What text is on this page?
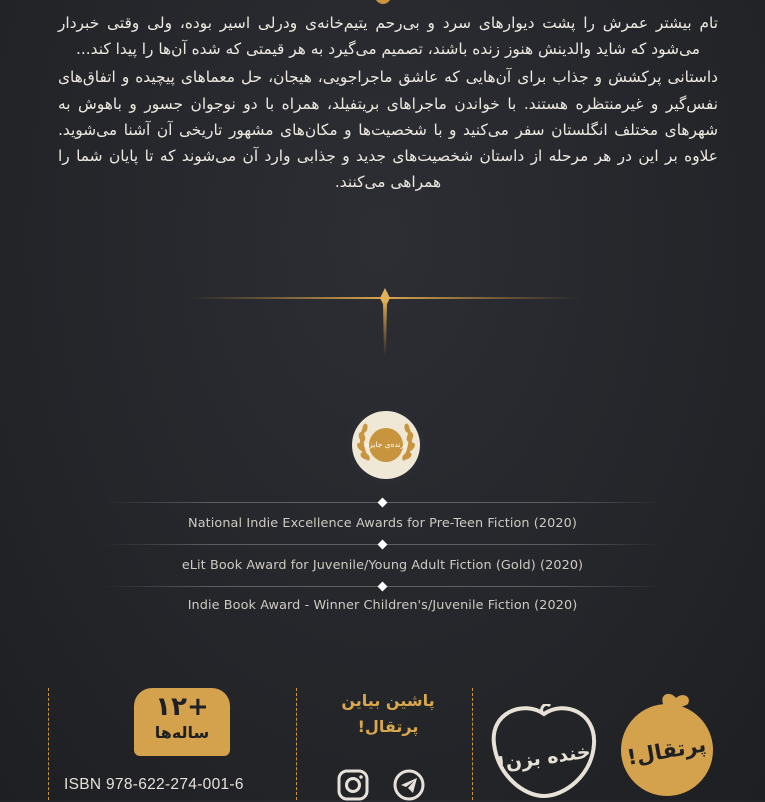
تام بیشتر عمرش را پشت دیوارهای سرد و بی‌رحم یتیم‌خانه‌ی ودرلی اسیر بوده، ولی وقتی خبردار می‌شود که شاید والدینش هنوز زنده باشند، تصمیم می‌گیرد به هر قیمتی که شده آن‌ها را پیدا کند...

داستانی پرکشش و جذاب برای آن‌هایی که عاشق ماجراجویی، هیجان، حل معماهای پیچیده و اتفاق‌های نفس‌گیر و غیرمنتظره هستند. با خواندن ماجراهای بریتفیلد، همراه با دو نوجوان جسور و باهوش به شهرهای مختلف انگلستان سفر می‌کنید و با شخصیت‌ها و مکان‌های مشهور تاریخی آن آشنا می‌شوید. علاوه بر این در هر مرحله از داستان شخصیت‌های جدید و جذابی وارد آن می‌شوند که تا پایان شما را همراهی می‌کنند.

برنده‌ی جایزه
National Indie Excellence Awards for Pre-Teen Fiction (2020)
eLit Book Award for Juvenile/Young Adult Fiction (Gold) (2020)
Indie Book Award - Winner Children's/Juvenile Fiction (2020)
+۱۲
ساله‌ها
ISBN 978-622-274-001-6
پاشین بیاین
پرتقال!
خنده بزن! پرتقال!
